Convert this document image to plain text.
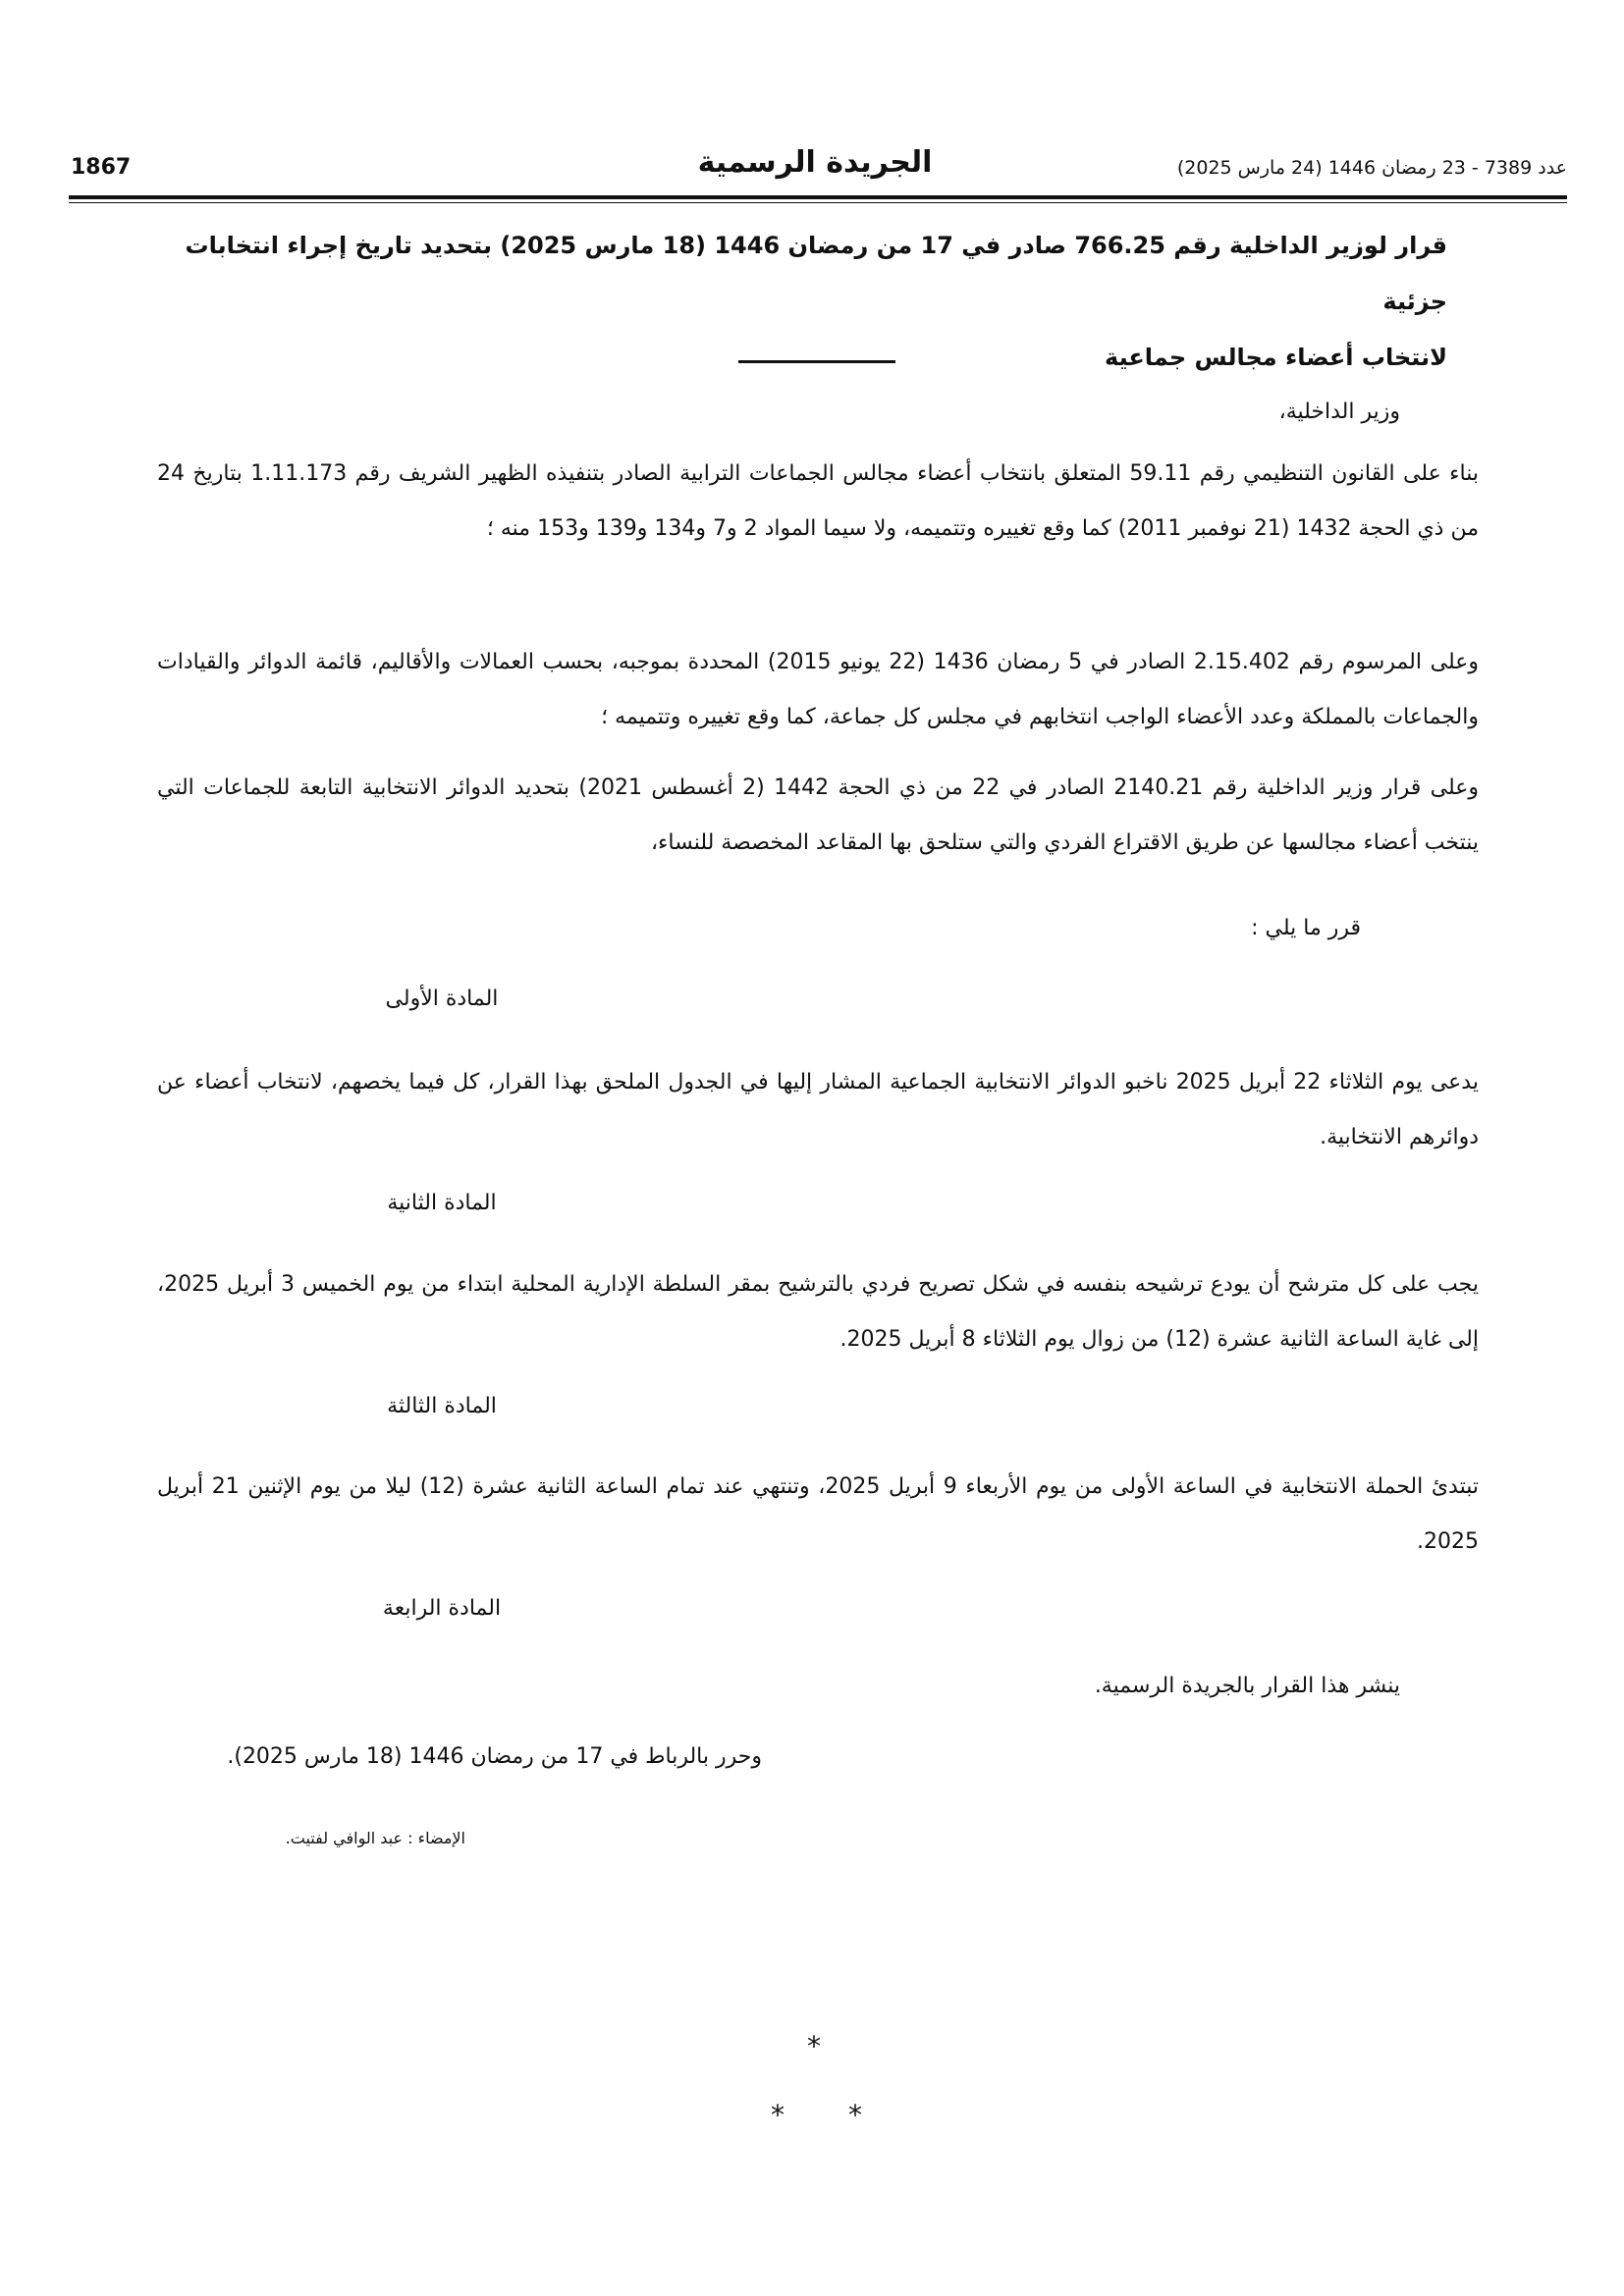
1867	الجريدة الرسمية	عدد 7389 - 23 رمضان 1446 (24 مارس 2025)
قرار لوزير الداخلية رقم 766.25 صادر في 17 من رمضان 1446 (18 مارس 2025) بتحديد تاريخ إجراء انتخابات جزئية
لانتخاب أعضاء مجالس جماعية
وزير الداخلية،
بناء على القانون التنظيمي رقم 59.11 المتعلق بانتخاب أعضاء مجالس الجماعات الترابية الصادر بتنفيذه الظهير الشريف رقم 1.11.173 بتاريخ 24 من ذي الحجة 1432 (21 نوفمبر 2011) كما وقع تغييره وتتميمه، ولا سيما المواد 2 و7 و134 و139 و153 منه ؛
وعلى المرسوم رقم 2.15.402 الصادر في 5 رمضان 1436 (22 يونيو 2015) المحددة بموجبه، بحسب العمالات والأقاليم، قائمة الدوائر والقيادات والجماعات بالمملكة وعدد الأعضاء الواجب انتخابهم في مجلس كل جماعة، كما وقع تغييره وتتميمه ؛
وعلى قرار وزير الداخلية رقم 2140.21 الصادر في 22 من ذي الحجة 1442 (2 أغسطس 2021) بتحديد الدوائر الانتخابية التابعة للجماعات التي ينتخب أعضاء مجالسها عن طريق الاقتراع الفردي والتي ستلحق بها المقاعد المخصصة للنساء،
قرر ما يلي :
المادة الأولى
يدعى يوم الثلاثاء 22 أبريل 2025 ناخبو الدوائر الانتخابية الجماعية المشار إليها في الجدول الملحق بهذا القرار، كل فيما يخصهم، لانتخاب أعضاء عن دوائرهم الانتخابية.
المادة الثانية
يجب على كل مترشح أن يودع ترشيحه بنفسه في شكل تصريح فردي بالترشيح بمقر السلطة الإدارية المحلية ابتداء من يوم الخميس 3 أبريل 2025، إلى غاية الساعة الثانية عشرة (12) من زوال يوم الثلاثاء 8 أبريل 2025.
المادة الثالثة
تبتدئ الحملة الانتخابية في الساعة الأولى من يوم الأربعاء 9 أبريل 2025، وتنتهي عند تمام الساعة الثانية عشرة (12) ليلا من يوم الإثنين 21 أبريل 2025.
المادة الرابعة
ينشر هذا القرار بالجريدة الرسمية.
وحرر بالرباط في 17 من رمضان 1446 (18 مارس 2025).
الإمضاء : عبد الوافي لفتيت.
*
* *
